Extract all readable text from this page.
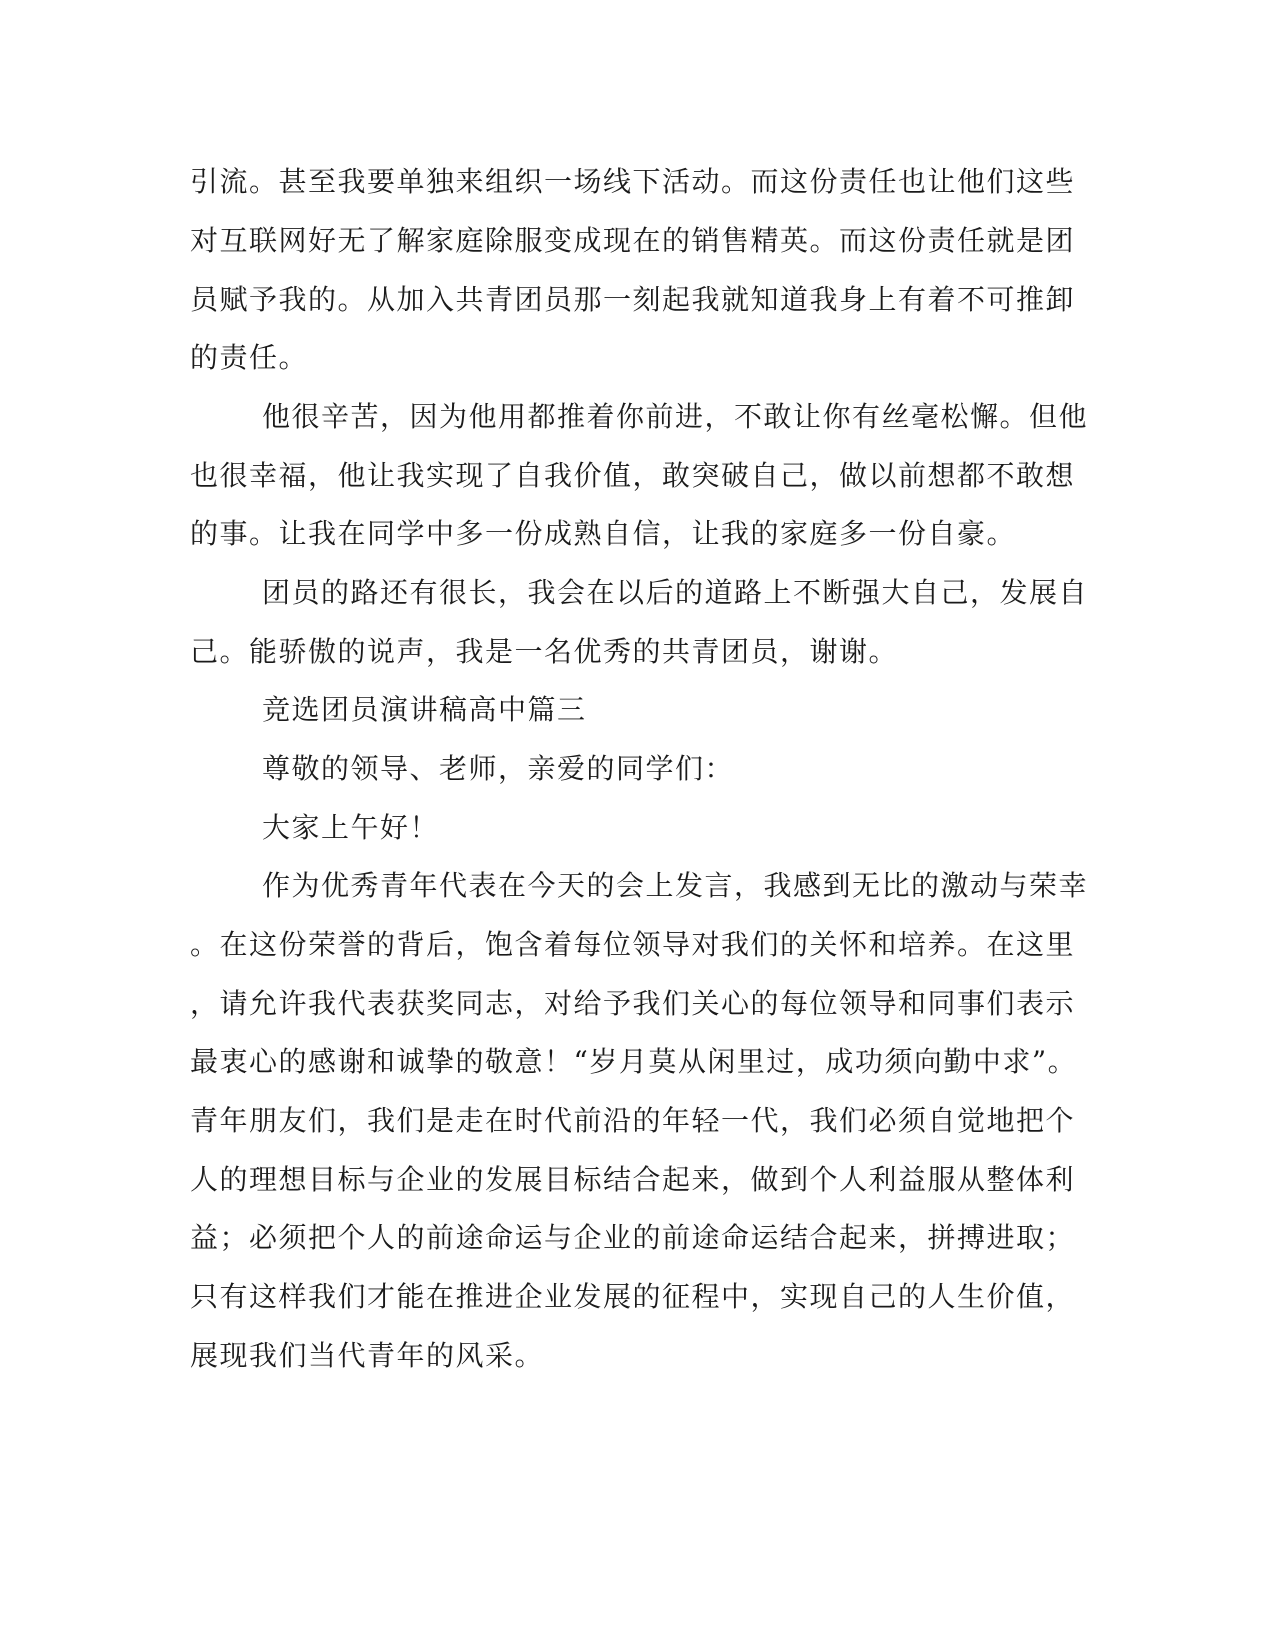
引流。甚至我要单独来组织一场线下活动。而这份责任也让他们这些
对互联网好无了解家庭除服变成现在的销售精英。而这份责任就是团
员赋予我的。从加入共青团员那一刻起我就知道我身上有着不可推卸
的责任。
他很辛苦，因为他用都推着你前进，不敢让你有丝毫松懈。但他
也很幸福，他让我实现了自我价值，敢突破自己，做以前想都不敢想
的事。让我在同学中多一份成熟自信，让我的家庭多一份自豪。
团员的路还有很长，我会在以后的道路上不断强大自己，发展自
己。能骄傲的说声，我是一名优秀的共青团员，谢谢。
竞选团员演讲稿高中篇三
尊敬的领导、老师，亲爱的同学们：
大家上午好！
作为优秀青年代表在今天的会上发言，我感到无比的激动与荣幸
。在这份荣誉的背后，饱含着每位领导对我们的关怀和培养。在这里
，请允许我代表获奖同志，对给予我们关心的每位领导和同事们表示
最衷心的感谢和诚挚的敬意！“岁月莫从闲里过，成功须向勤中求”。
青年朋友们，我们是走在时代前沿的年轻一代，我们必须自觉地把个
人的理想目标与企业的发展目标结合起来，做到个人利益服从整体利
益；必须把个人的前途命运与企业的前途命运结合起来，拼搏进取；
只有这样我们才能在推进企业发展的征程中，实现自己的人生价值，
展现我们当代青年的风采。
